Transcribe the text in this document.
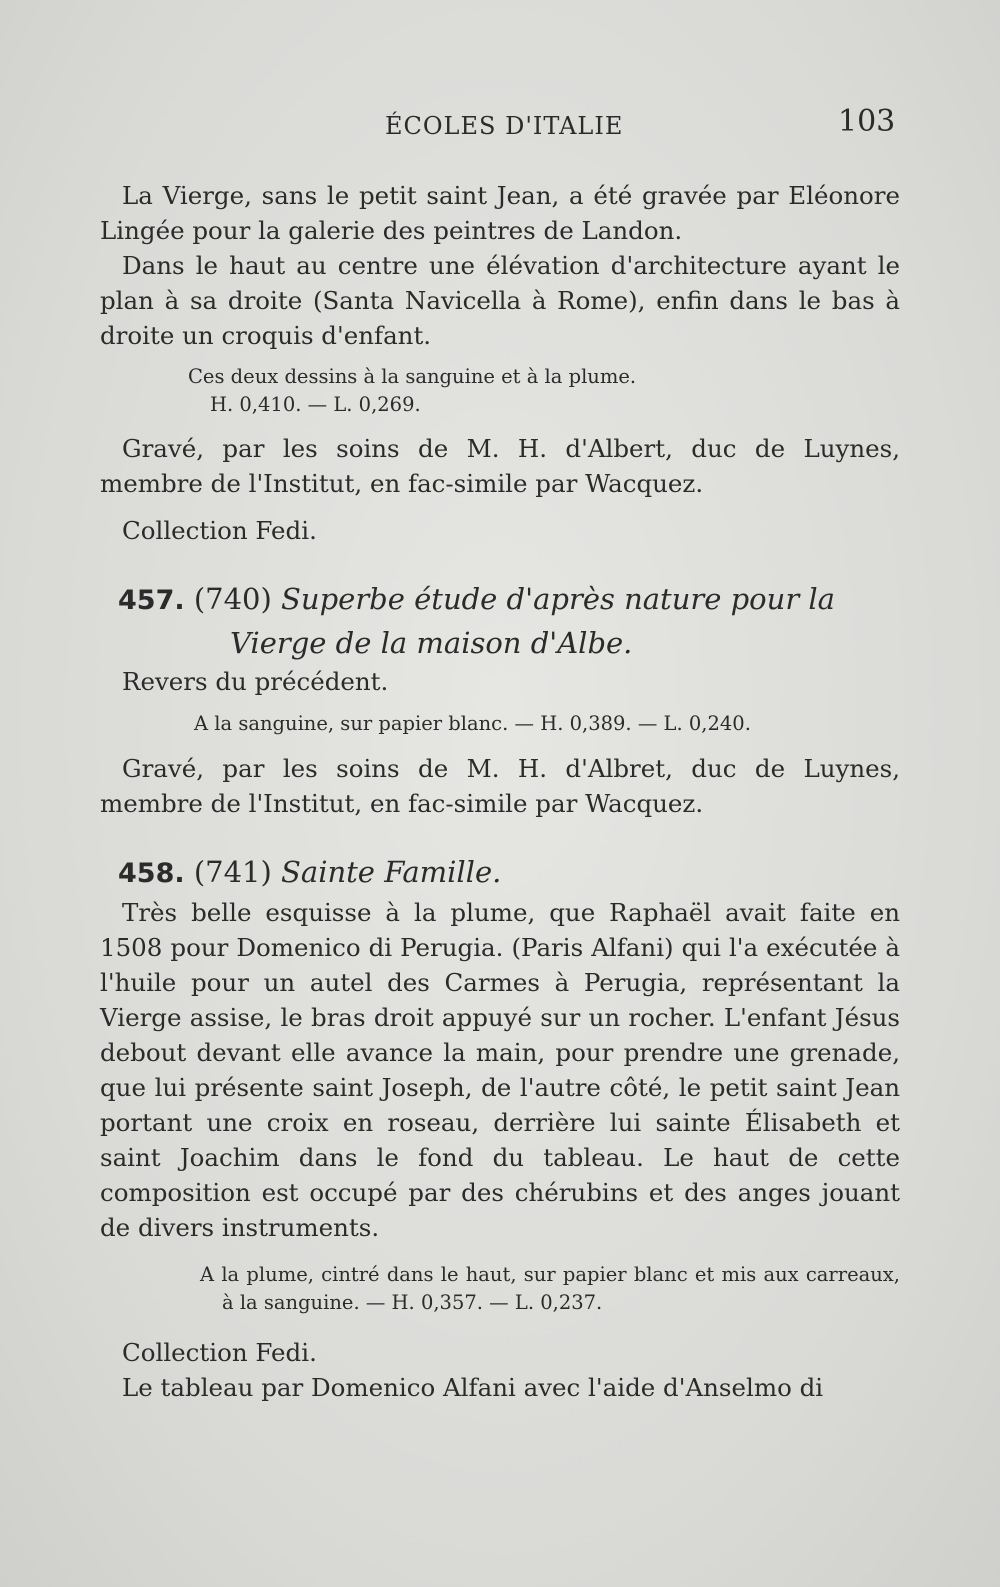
ÉCOLES D'ITALIE	103

La Vierge, sans le petit saint Jean, a été gravée par Eléonore Lingée pour la galerie des peintres de Landon.

Dans le haut au centre une élévation d'architecture ayant le plan à sa droite (Santa Navicella à Rome), enfin dans le bas à droite un croquis d'enfant.

Ces deux dessins à la sanguine et à la plume.
H. 0,410. — L. 0,269.

Gravé, par les soins de M. H. d'Albert, duc de Luynes, membre de l'Institut, en fac-simile par Wacquez.

Collection Fedi.

457. (740) Superbe étude d'après nature pour la Vierge de la maison d'Albe.

Revers du précédent.

A la sanguine, sur papier blanc. — H. 0,389. — L. 0,240.

Gravé, par les soins de M. H. d'Albret, duc de Luynes, membre de l'Institut, en fac-simile par Wacquez.

458. (741) Sainte Famille.

Très belle esquisse à la plume, que Raphaël avait faite en 1508 pour Domenico di Perugia. (Paris Alfani) qui l'a exécutée à l'huile pour un autel des Carmes à Perugia, représentant la Vierge assise, le bras droit appuyé sur un rocher. L'enfant Jésus debout devant elle avance la main, pour prendre une grenade, que lui présente saint Joseph, de l'autre côté, le petit saint Jean portant une croix en roseau, derrière lui sainte Élisabeth et saint Joachim dans le fond du tableau. Le haut de cette composition est occupé par des chérubins et des anges jouant de divers instruments.

A la plume, cintré dans le haut, sur papier blanc et mis aux carreaux, à la sanguine. — H. 0,357. — L. 0,237.

Collection Fedi.

Le tableau par Domenico Alfani avec l'aide d'Anselmo di
